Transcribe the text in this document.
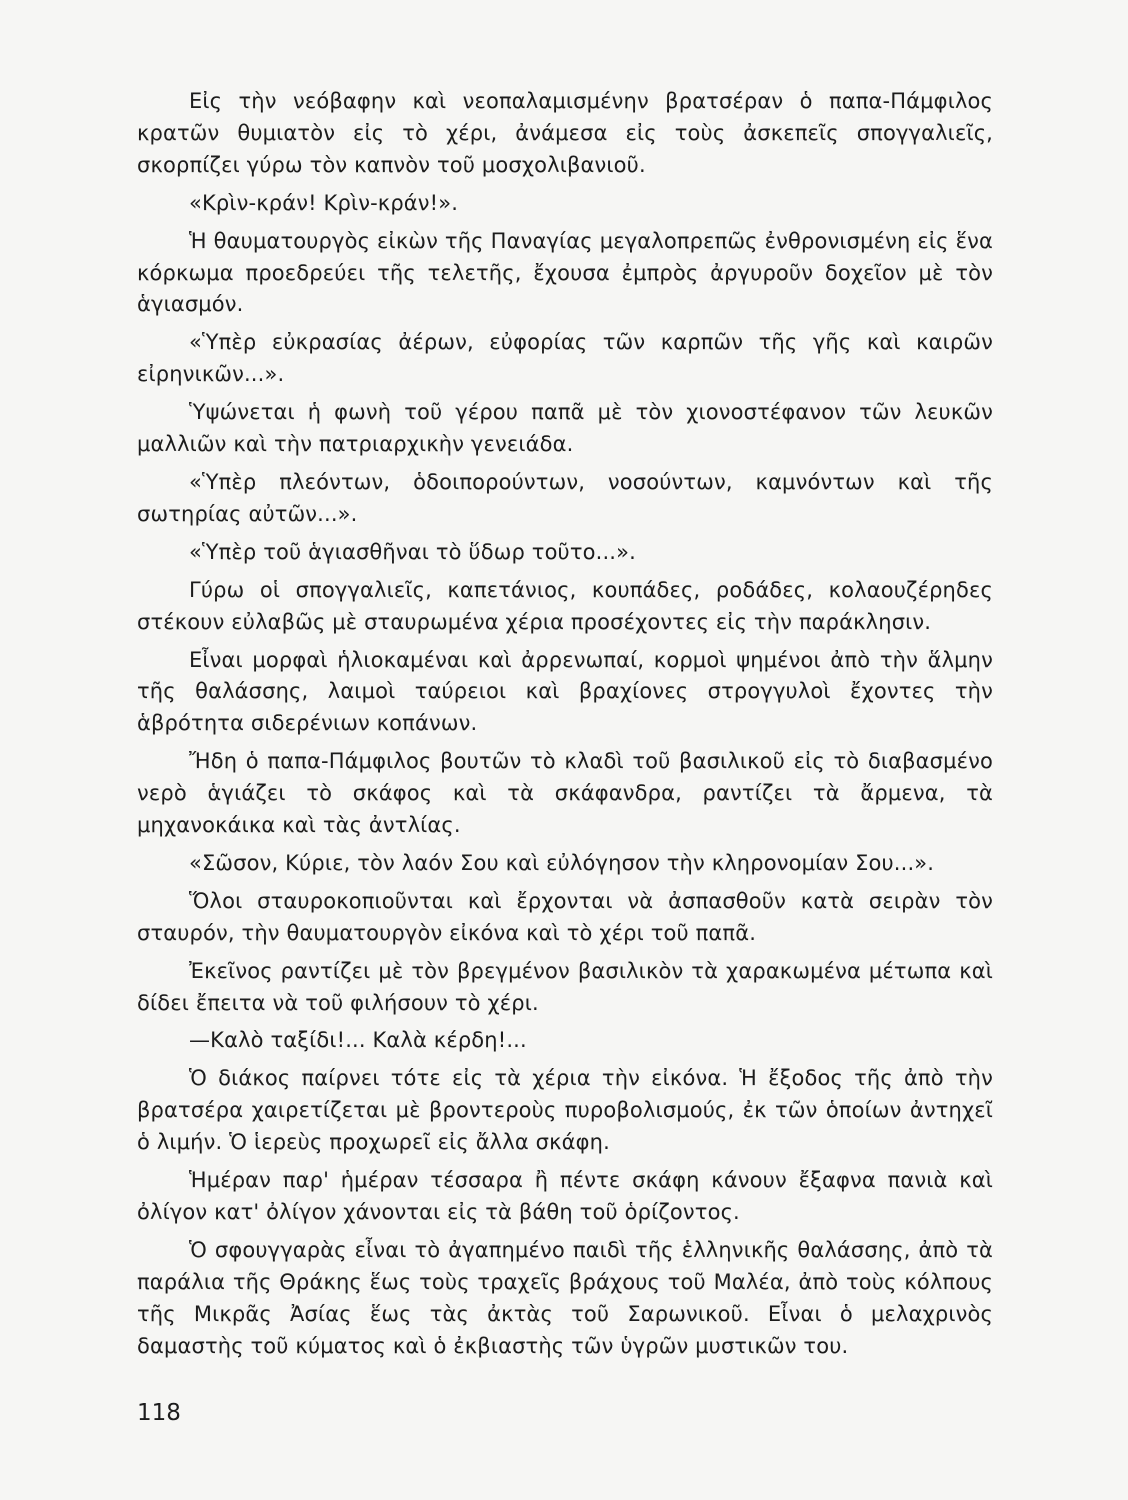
Εἰς τὴν νεόβαφην καὶ νεοπαλαμισμένην βρατσέραν ὁ παπα-Πάμφιλος κρατῶν θυμιατὸν εἰς τὸ χέρι, ἀνάμεσα εἰς τοὺς ἀσκεπεῖς σπογγαλιεῖς, σκορπίζει γύρω τὸν καπνὸν τοῦ μοσχολιβανιοῦ.

«Κρὶν-κράν! Κρὶν-κράν!».

Ἡ θαυματουργὸς εἰκὼν τῆς Παναγίας μεγαλοπρεπῶς ἐνθρονισμένη εἰς ἕνα κόρκωμα προεδρεύει τῆς τελετῆς, ἔχουσα ἐμπρὸς ἀργυροῦν δοχεῖον μὲ τὸν ἁγιασμόν.

«Ὑπὲρ εὐκρασίας ἀέρων, εὐφορίας τῶν καρπῶν τῆς γῆς καὶ καιρῶν εἰρηνικῶν...».

Ὑψώνεται ἡ φωνὴ τοῦ γέρου παπᾶ μὲ τὸν χιονοστέφανον τῶν λευκῶν μαλλιῶν καὶ τὴν πατριαρχικὴν γενειάδα.

«Ὑπὲρ πλεόντων, ὁδοιπορούντων, νοσούντων, καμνόντων καὶ τῆς σωτηρίας αὐτῶν...».

«Ὑπὲρ τοῦ ἁγιασθῆναι τὸ ὕδωρ τοῦτο...».

Γύρω οἱ σπογγαλιεῖς, καπετάνιος, κουπάδες, ροδάδες, κολαουζέρηδες στέκουν εὐλαβῶς μὲ σταυρωμένα χέρια προσέχοντες εἰς τὴν παράκλησιν.

Εἶναι μορφαὶ ἡλιοκαμέναι καὶ ἀρρενωπαί, κορμοὶ ψημένοι ἀπὸ τὴν ἅλμην τῆς θαλάσσης, λαιμοὶ ταύρειοι καὶ βραχίονες στρογγυλοὶ ἔχοντες τὴν ἁβρότητα σιδερένιων κοπάνων.

Ἤδη ὁ παπα-Πάμφιλος βουτῶν τὸ κλαδὶ τοῦ βασιλικοῦ εἰς τὸ διαβασμένο νερὸ ἁγιάζει τὸ σκάφος καὶ τὰ σκάφανδρα, ραντίζει τὰ ἄρμενα, τὰ μηχανοκάικα καὶ τὰς ἀντλίας.

«Σῶσον, Κύριε, τὸν λαόν Σου καὶ εὐλόγησον τὴν κληρονομίαν Σου...».

Ὅλοι σταυροκοπιοῦνται καὶ ἔρχονται νὰ ἀσπασθοῦν κατὰ σειρὰν τὸν σταυρόν, τὴν θαυματουργὸν εἰκόνα καὶ τὸ χέρι τοῦ παπᾶ.

Ἐκεῖνος ραντίζει μὲ τὸν βρεγμένον βασιλικὸν τὰ χαρακωμένα μέτωπα καὶ δίδει ἔπειτα νὰ τοῦ φιλήσουν τὸ χέρι.

—Καλὸ ταξίδι!... Καλὰ κέρδη!...

Ὁ διάκος παίρνει τότε εἰς τὰ χέρια τὴν εἰκόνα. Ἡ ἔξοδος τῆς ἀπὸ τὴν βρατσέρα χαιρετίζεται μὲ βροντεροὺς πυροβολισμούς, ἐκ τῶν ὁποίων ἀντηχεῖ ὁ λιμήν. Ὁ ἱερεὺς προχωρεῖ εἰς ἄλλα σκάφη.

Ἡμέραν παρ' ἡμέραν τέσσαρα ἢ πέντε σκάφη κάνουν ἔξαφνα πανιὰ καὶ ὀλίγον κατ' ὀλίγον χάνονται εἰς τὰ βάθη τοῦ ὁρίζοντος.

Ὁ σφουγγαρὰς εἶναι τὸ ἀγαπημένο παιδὶ τῆς ἑλληνικῆς θαλάσσης, ἀπὸ τὰ παράλια τῆς Θράκης ἕως τοὺς τραχεῖς βράχους τοῦ Μαλέα, ἀπὸ τοὺς κόλπους τῆς Μικρᾶς Ἀσίας ἕως τὰς ἀκτὰς τοῦ Σαρωνικοῦ. Εἶναι ὁ μελαχρινὸς δαμαστὴς τοῦ κύματος καὶ ὁ ἐκβιαστὴς τῶν ὑγρῶν μυστικῶν του.

118
